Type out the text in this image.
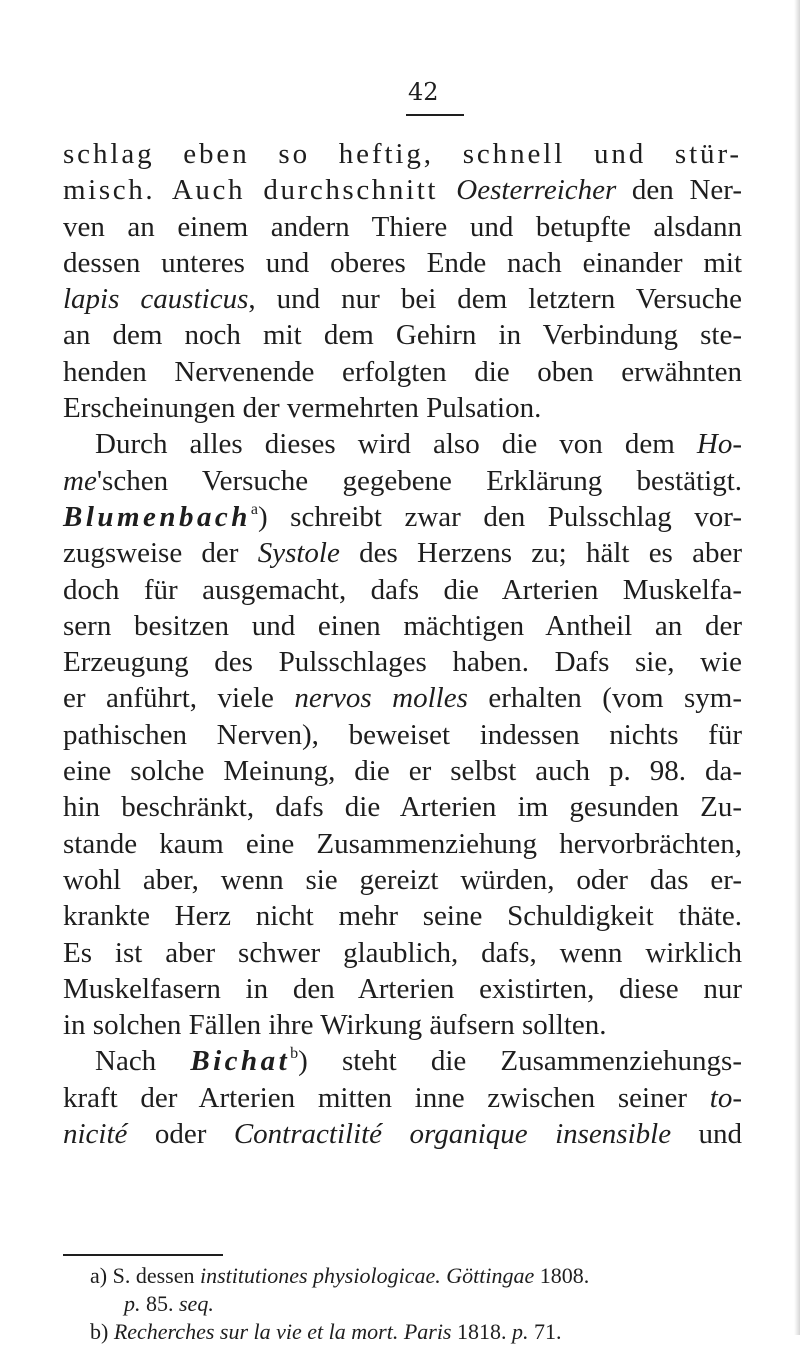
42
schlag eben so heftig, schnell und stür-
misch. Auch durchschnitt Oesterreicher den Ner-
ven an einem andern Thiere und betupfte alsdann
dessen unteres und oberes Ende nach einander mit
lapis causticus, und nur bei dem letztern Versuche
an dem noch mit dem Gehirn in Verbindung ste-
henden Nervenende erfolgten die oben erwähnten
Erscheinungen der vermehrten Pulsation.
Durch alles dieses wird also die von dem Ho-
me'schen Versuche gegebene Erklärung bestätigt.
Blumenbach$^a$) schreibt zwar den Pulsschlag vor-
zugsweise der Systole des Herzens zu; hält es aber
doch für ausgemacht, dafs die Arterien Muskelfa-
sern besitzen und einen mächtigen Antheil an der
Erzeugung des Pulsschlages haben. Dafs sie, wie
er anführt, viele nervos molles erhalten (vom sym-
pathischen Nerven), beweiset indessen nichts für
eine solche Meinung, die er selbst auch p. 98. da-
hin beschränkt, dafs die Arterien im gesunden Zu-
stande kaum eine Zusammenziehung hervorbrächten,
wohl aber, wenn sie gereizt würden, oder das er-
krankte Herz nicht mehr seine Schuldigkeit thäte.
Es ist aber schwer glaublich, dafs, wenn wirklich
Muskelfasern in den Arterien existirten, diese nur
in solchen Fällen ihre Wirkung äufsern sollten.
Nach Bichat$^b$) steht die Zusammenziehungs-
kraft der Arterien mitten inne zwischen seiner to-
nicité oder Contractilité organique insensible und
a) S. dessen institutiones physiologicae. Göttingae 1808.
p. 85. seq.
b) Recherches sur la vie et la mort. Paris 1818. p. 71.
